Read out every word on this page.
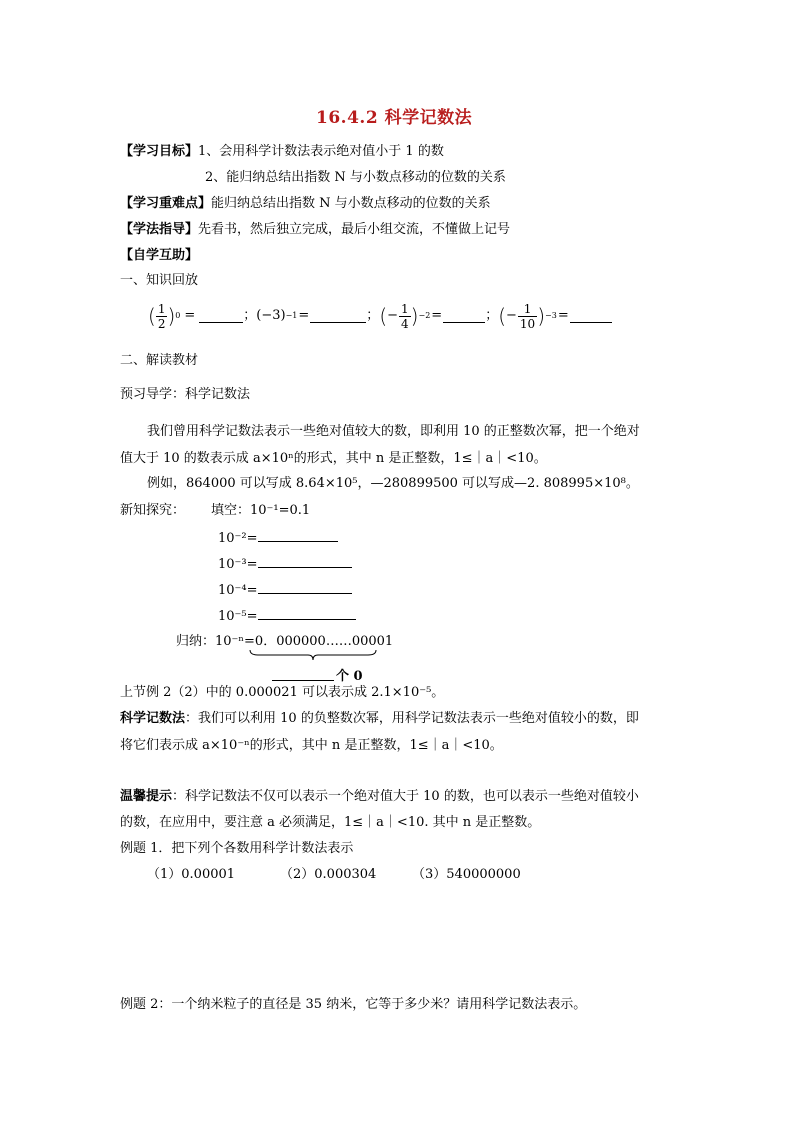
16.4.2 科学记数法
【学习目标】1、会用科学计数法表示绝对值小于 1 的数
2、能归纳总结出指数 N 与小数点移动的位数的关系
【学习重难点】能归纳总结出指数 N 与小数点移动的位数的关系
【学法指导】先看书，然后独立完成，最后小组交流，不懂做上记号
【自学互助】
一、知识回放
( $\frac{1}{2}$ ) 0 =	； (−3) −1 =	； ( − $\frac{1}{4}$ ) −2 =	； ( − $\frac{1}{10}$ ) −3 =
二、解读教材
预习导学：科学记数法
我们曾用科学记数法表示一些绝对值较大的数，即利用 10 的正整数次幂，把一个绝对
值大于 10 的数表示成 a×10ⁿ的形式，其中 n 是正整数，1≤｜a｜<10。
例如，864000 可以写成 8.64×10⁵，—280899500 可以写成—2. 808995×10⁸。
新知探究： 填空：10⁻¹=0.1
10⁻²=
10⁻³=
10⁻⁴=
10⁻⁵=
归纳：10⁻ⁿ=0．000000……00001
个 0
上节例 2（2）中的 0.000021 可以表示成 2.1×10⁻⁵。
科学记数法：我们可以利用 10 的负整数次幂，用科学记数法表示一些绝对值较小的数，即
将它们表示成 a×10⁻ⁿ的形式，其中 n 是正整数，1≤｜a｜<10。
温馨提示：科学记数法不仅可以表示一个绝对值大于 10 的数，也可以表示一些绝对值较小
的数，在应用中，要注意 a 必须满足，1≤｜a｜<10. 其中 n 是正整数。
例题 1．把下列个各数用科学计数法表示
（1）0.00001	（2）0.000304	（3）540000000
例题 2：一个纳米粒子的直径是 35 纳米，它等于多少米？请用科学记数法表示。
